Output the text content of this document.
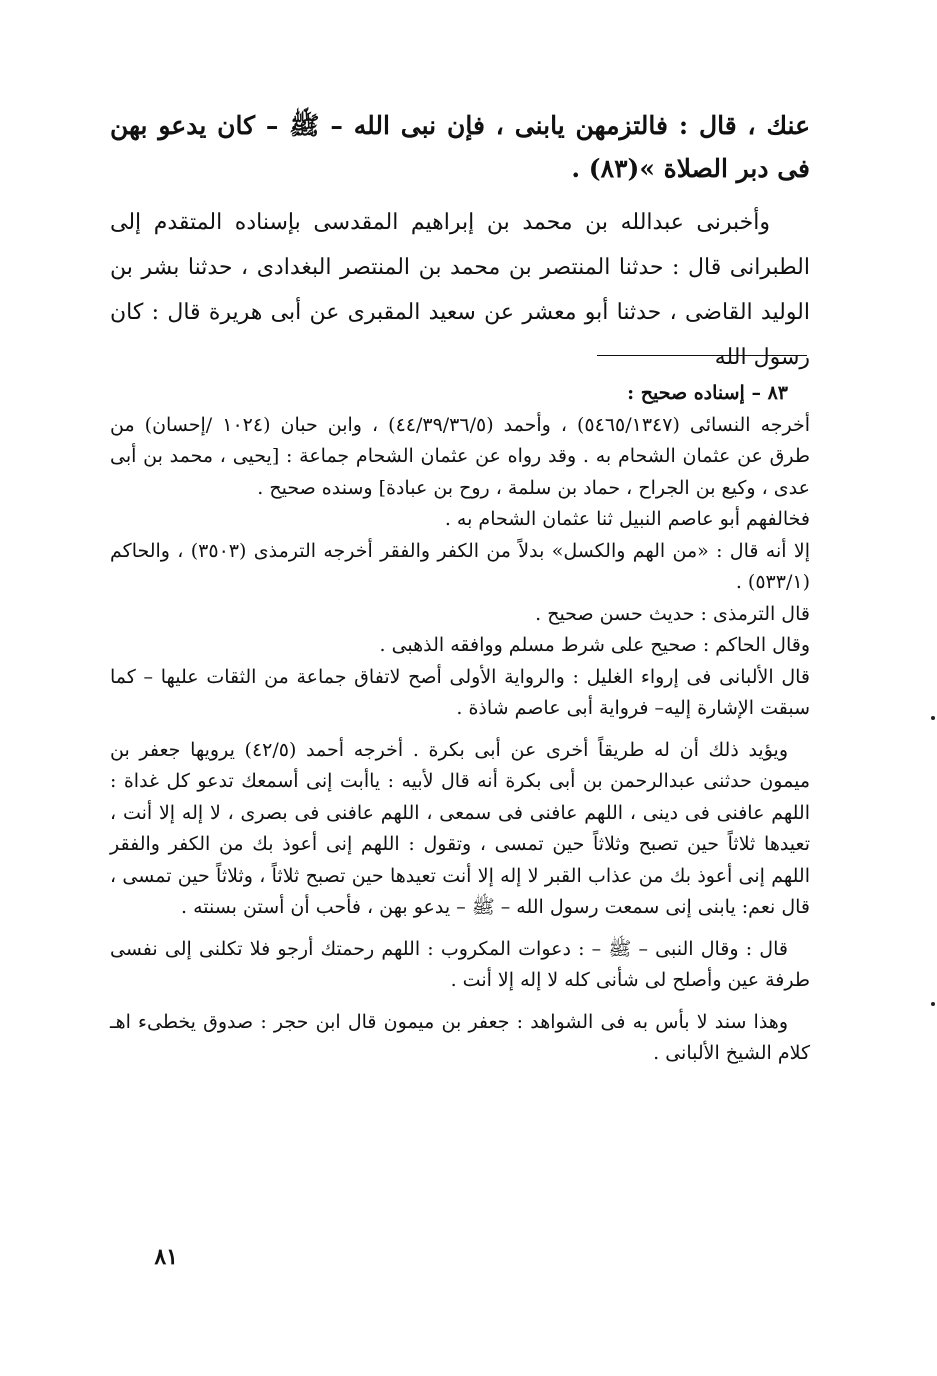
عنك ، قال : فالتزمهن يابنى ، فإن نبى الله – ﷺ – كان يدعو بهن فى دبر الصلاة »(٨٣) .
وأخبرنى عبدالله بن محمد بن إبراهيم المقدسى بإسناده المتقدم إلى الطبرانى قال : حدثنا المنتصر بن محمد بن المنتصر البغدادى ، حدثنا بشر بن الوليد القاضى ، حدثنا أبو معشر عن سعيد المقبرى عن أبى هريرة قال : كان رسول الله

٨٣ – إسناده صحيح :

أخرجه النسائى (٥٤٦٥/١٣٤٧) ، وأحمد (٤٤/٣٩/٣٦/٥) ، وابن حبان (١٠٢٤ /إحسان) من طرق عن عثمان الشحام به . وقد رواه عن عثمان الشحام جماعة : [يحيى ، محمد بن أبى عدى ، وكيع بن الجراح ، حماد بن سلمة ، روح بن عبادة] وسنده صحيح .

فخالفهم أبو عاصم النبيل ثنا عثمان الشحام به .

إلا أنه قال : «من الهم والكسل» بدلاً من الكفر والفقر أخرجه الترمذى (٣٥٠٣) ، والحاكم (٥٣٣/١) .

قال الترمذى : حديث حسن صحيح .

وقال الحاكم : صحيح على شرط مسلم ووافقه الذهبى .

قال الألبانى فى إرواء الغليل : والرواية الأولى أصح لاتفاق جماعة من الثقات عليها – كما سبقت الإشارة إليه– فرواية أبى عاصم شاذة .

ويؤيد ذلك أن له طريقاً أخرى عن أبى بكرة . أخرجه أحمد (٤٢/٥) يرويها جعفر بن ميمون حدثنى عبدالرحمن بن أبى بكرة أنه قال لأبيه : ياأبت إنى أسمعك تدعو كل غداة : اللهم عافنى فى دينى ، اللهم عافنى فى سمعى ، اللهم عافنى فى بصرى ، لا إله إلا أنت ، تعيدها ثلاثاً حين تصبح وثلاثاً حين تمسى ، وتقول : اللهم إنى أعوذ بك من الكفر والفقر اللهم إنى أعوذ بك من عذاب القبر لا إله إلا أنت تعيدها حين تصبح ثلاثاً ، وثلاثاً حين تمسى ، قال نعم: يابنى إنى سمعت رسول الله – ﷺ – يدعو بهن ، فأحب أن أستن بسنته .

قال : وقال النبى – ﷺ – : دعوات المكروب : اللهم رحمتك أرجو فلا تكلنى إلى نفسى طرفة عين وأصلح لى شأنى كله لا إله إلا أنت .

وهذا سند لا بأس به فى الشواهد : جعفر بن ميمون قال ابن حجر : صدوق يخطىء اهـ كلام الشيخ الألبانى .

٨١
